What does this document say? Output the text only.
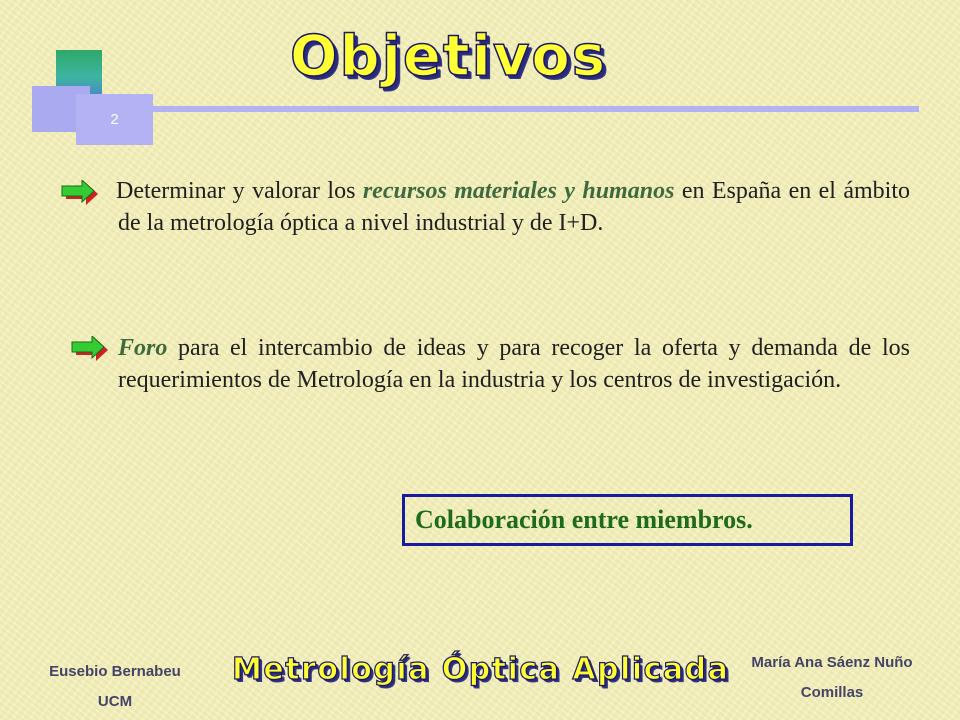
2
Objetivos

Determinar y valorar los recursos materiales y humanos en España en el ámbito de la metrología óptica a nivel industrial y de I+D.

Foro para el intercambio de ideas y para recoger la oferta y demanda de los requerimientos de Metrología en la industria y los centros de investigación.

Colaboración entre miembros.
Eusebio Bernabeu
UCM
Metrología Óptica Aplicada	María Ana Sáenz Nuño
Comillas
